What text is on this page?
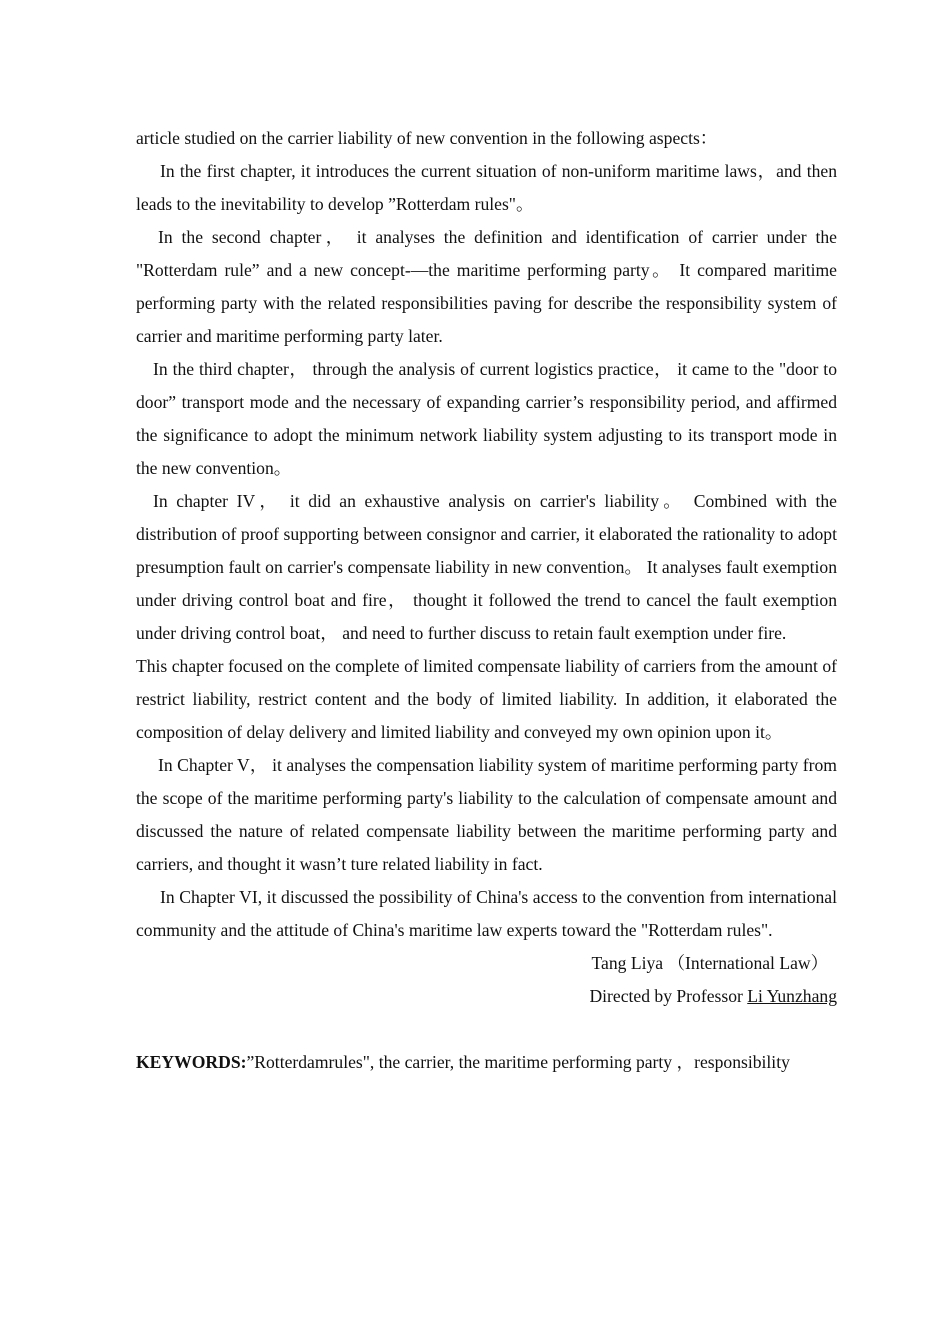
article studied on the carrier liability of new convention in the following aspects：

In the first chapter, it introduces the current situation of non-uniform maritime laws，and then leads to the inevitability to develop ”Rotterdam rules"。

In the second chapter， it analyses the definition and identification of carrier under the "Rotterdam rule” and a new concept-—the maritime performing party。 It compared maritime performing party with the related responsibilities paving for describe the responsibility system of carrier and maritime performing party later.

In the third chapter， through the analysis of current logistics practice， it came to the "door to door” transport mode and the necessary of expanding carrier’s responsibility period, and affirmed the significance to adopt the minimum network liability system adjusting to its transport mode in the new convention。

In chapter IV， it did an exhaustive analysis on carrier's liability。 Combined with the distribution of proof supporting between consignor and carrier, it elaborated the rationality to adopt presumption fault on carrier's compensate liability in new convention。 It analyses fault exemption under driving control boat and fire， thought it followed the trend to cancel the fault exemption under driving control boat， and need to further discuss to retain fault exemption under fire.

This chapter focused on the complete of limited compensate liability of carriers from the amount of restrict liability, restrict content and the body of limited liability. In addition, it elaborated the composition of delay delivery and limited liability and conveyed my own opinion upon it。

In Chapter V， it analyses the compensation liability system of maritime performing party from the scope of the maritime performing party's liability to the calculation of compensate amount and discussed the nature of related compensate liability between the maritime performing party and carriers, and thought it wasn’t ture related liability in fact.

In Chapter VI, it discussed the possibility of China's access to the convention from international community and the attitude of China's maritime law experts toward the "Rotterdam rules".

Tang Liya （International Law）

Directed by Professor Li Yunzhang

KEYWORDS:”Rotterdamrules", the carrier, the maritime performing party ，responsibility
